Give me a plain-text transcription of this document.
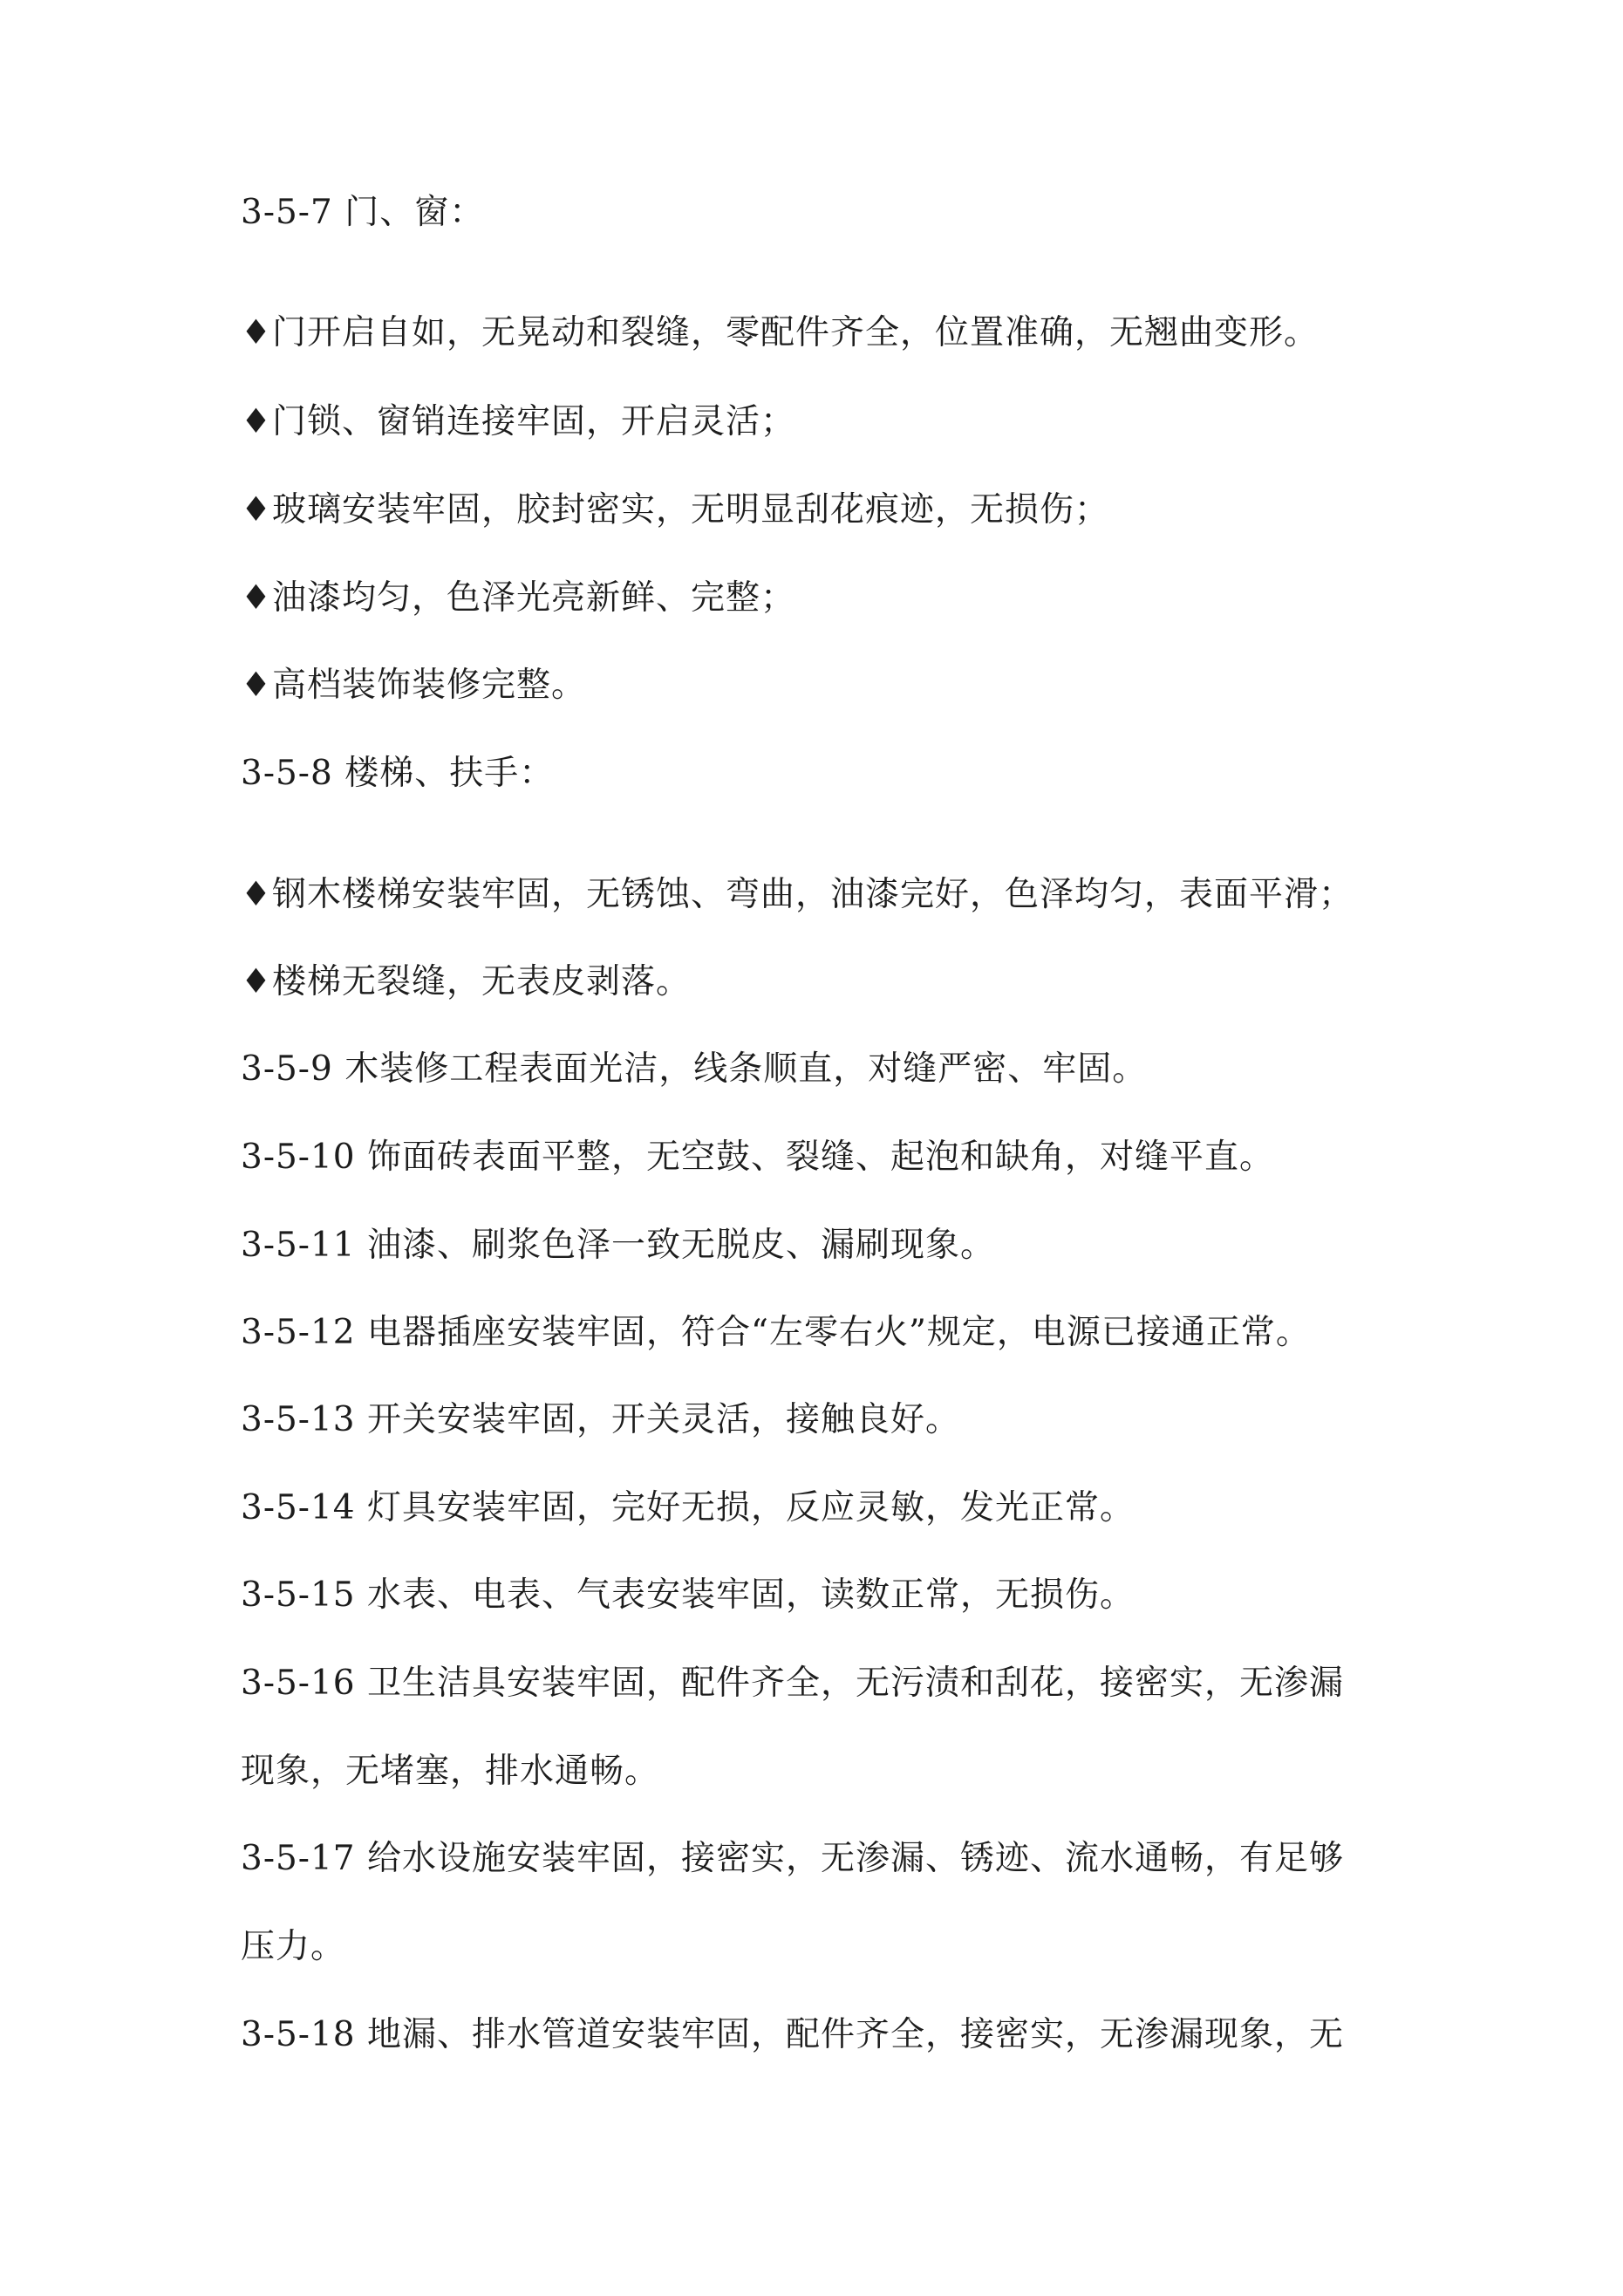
3-5-7 门、窗：
♦门开启自如，无晃动和裂缝，零配件齐全，位置准确，无翘曲变形。
♦门锁、窗销连接牢固，开启灵活；
♦玻璃安装牢固，胶封密实，无明显刮花痕迹，无损伤；
♦油漆均匀，色泽光亮新鲜、完整；
♦高档装饰装修完整。
3-5-8 楼梯、扶手：
♦钢木楼梯安装牢固，无锈蚀、弯曲，油漆完好，色泽均匀，表面平滑；
♦楼梯无裂缝，无表皮剥落。
3-5-9 木装修工程表面光洁，线条顺直，对缝严密、牢固。
3-5-10 饰面砖表面平整，无空鼓、裂缝、起泡和缺角，对缝平直。
3-5-11 油漆、刷浆色泽一致无脱皮、漏刷现象。
3-5-12 电器插座安装牢固，符合“左零右火”规定，电源已接通正常。
3-5-13 开关安装牢固，开关灵活，接触良好。
3-5-14 灯具安装牢固，完好无损，反应灵敏，发光正常。
3-5-15 水表、电表、气表安装牢固，读数正常，无损伤。
3-5-16 卫生洁具安装牢固，配件齐全，无污渍和刮花，接密实，无渗漏
现象，无堵塞，排水通畅。
3-5-17 给水设施安装牢固，接密实，无渗漏、锈迹、流水通畅，有足够
压力。
3-5-18 地漏、排水管道安装牢固，配件齐全，接密实，无渗漏现象，无
